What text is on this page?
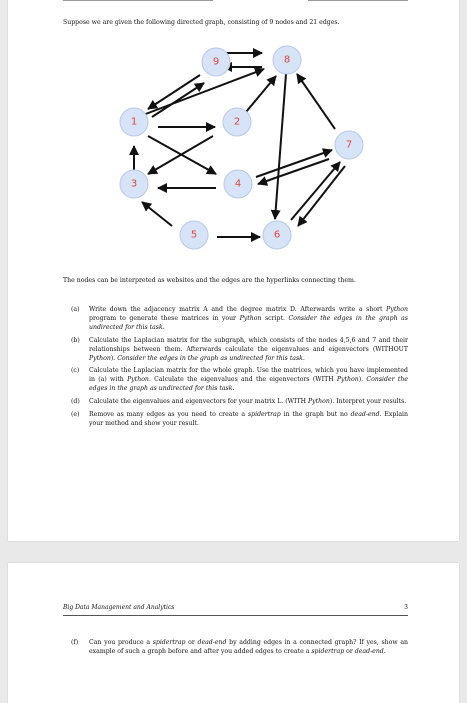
Suppose we are given the following directed graph, consisting of 9 nodes and 21 edges.
9	8
1	2
7
3	4
5	6
The nodes can be interpreted as websites and the edges are the hyperlinks connecting them.
(a)	Write down the adjacency matrix A and the degree matrix D. Afterwards write a short Python program to generate these matrices in your Python script. Consider the edges in the graph as undirected for this task.
(b)	Calculate the Laplacian matrix for the subgraph, which consists of the nodes 4,5,6 and 7 and their relationships between them. Afterwards calculate the eigenvalues and eigenvectors (WITHOUT Python). Consider the edges in the graph as undirected for this task.
(c)	Calculate the Laplacian matrix for the whole graph. Use the matrices, which you have implemented in (a) with Python. Calculate the eigenvalues and the eigenvectors (WITH Python). Consider the edges in the graph as undirected for this task.
(d)	Calculate the eigenvalues and eigenvectors for your matrix L. (WITH Python). Interpret your results.
(e)	Remove as many edges as you need to create a spidertrap in the graph but no dead-end. Explain your method and show your result.
Big Data Management and Analytics	3
(f)	Can you produce a spidertrap or dead-end by adding edges in a connected graph? If yes, show an example of such a graph before and after you added edges to create a spidertrap or dead-end.
